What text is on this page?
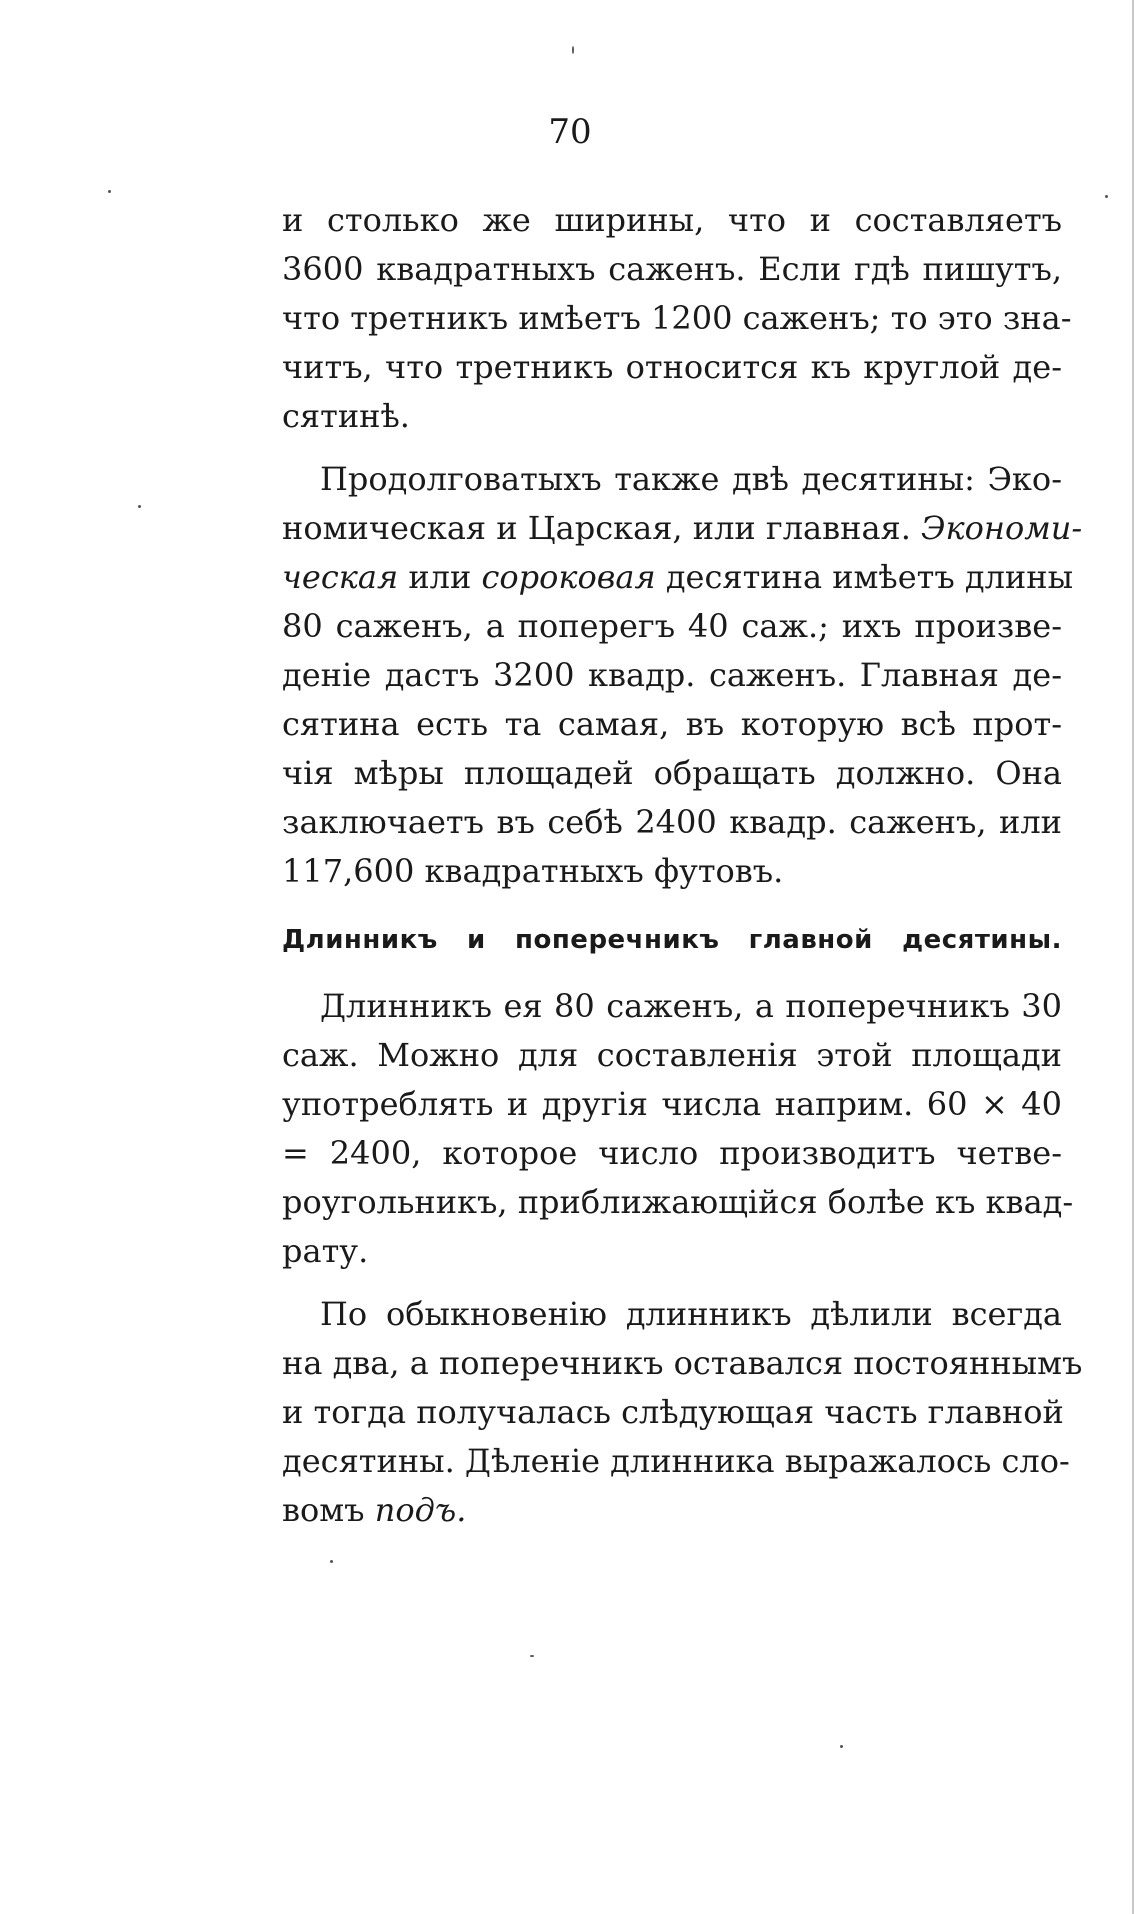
70
и столько же ширины, что и составляетъ
3600 квадратныхъ саженъ. Если гдѣ пишутъ,
что третникъ имѣетъ 1200 саженъ; то это зна-
читъ, что третникъ относится къ круглой де-
сятинѣ.
Продолговатыхъ также двѣ десятины: Эко-
номическая и Царская, или главная. Экономи-
ческая или сороковая десятина имѣетъ длины
80 саженъ, а поперегъ 40 саж.; ихъ произве-
деніе дастъ 3200 квадр. саженъ. Главная де-
сятина есть та самая, въ которую всѣ прот-
чія мѣры площадей обращать должно. Она
заключаетъ въ себѣ 2400 квадр. саженъ, или
117,600 квадратныхъ футовъ.
Длинникъ и поперечникъ главной десятины.
Длинникъ ея 80 саженъ, а поперечникъ 30
саж. Можно для составленія этой площади
употреблять и другія числа наприм. 60 × 40
= 2400, которое число производитъ четве-
роугольникъ, приближающійся болѣе къ квад-
рату.
По обыкновенію длинникъ дѣлили всегда
на два, а поперечникъ оставался постояннымъ
и тогда получалась слѣдующая часть главной
десятины. Дѣленіе длинника выражалось сло-
вомъ подъ.
